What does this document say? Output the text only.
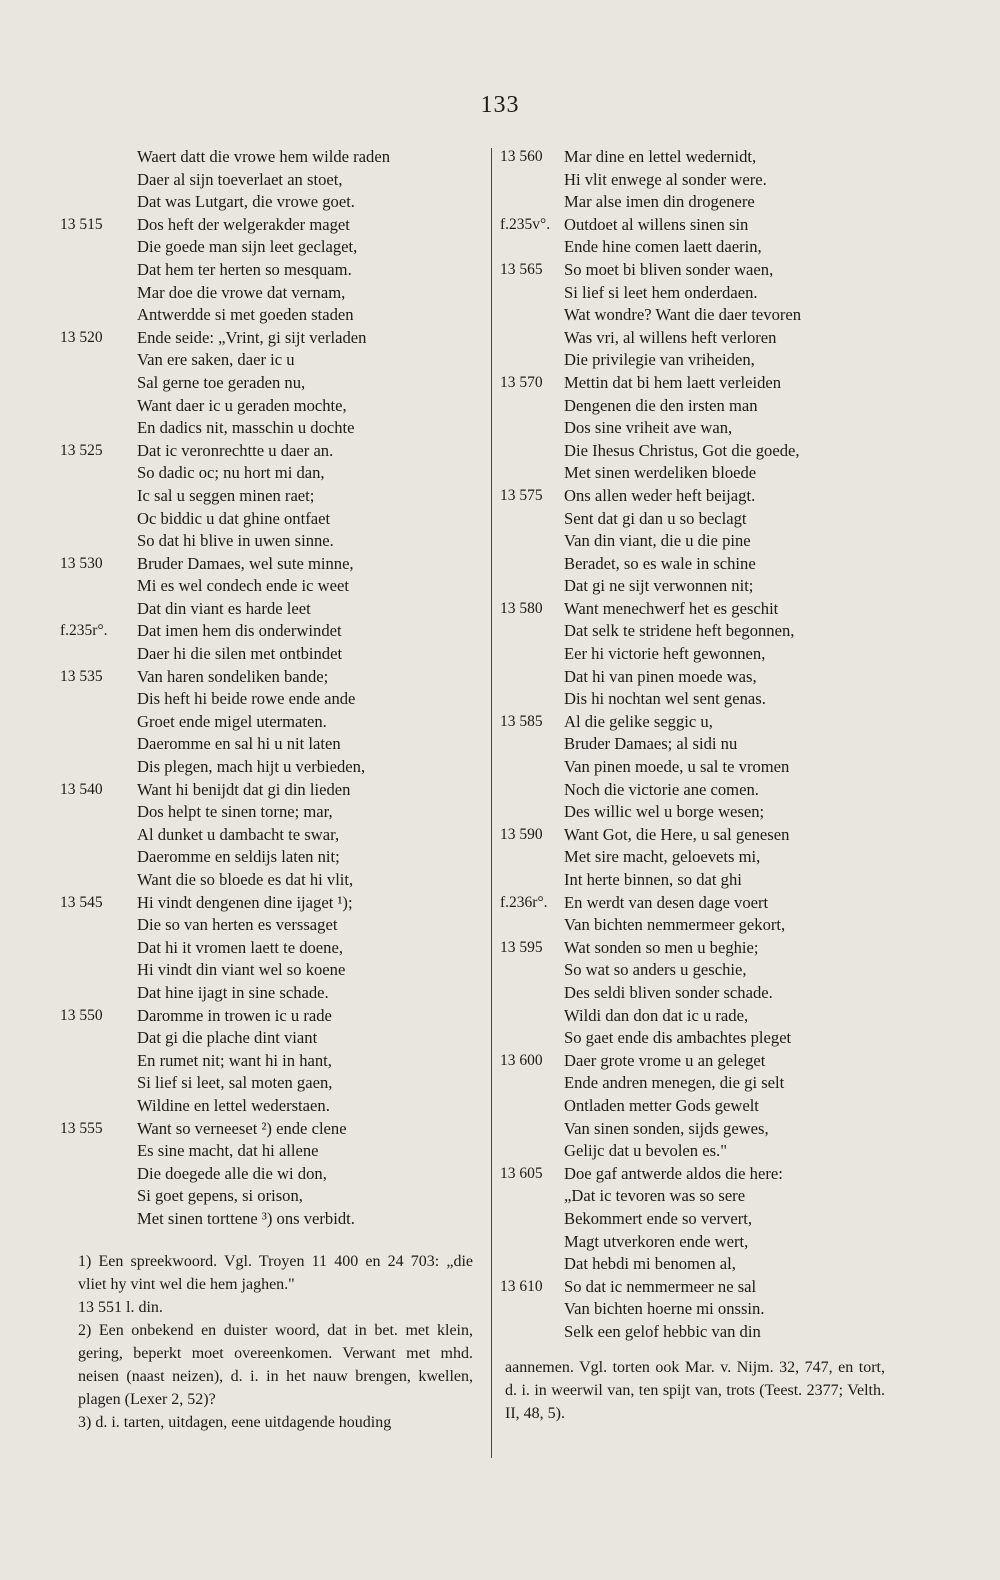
133
Waert datt die vrowe hem wilde raden
Daer al sijn toeverlaet an stoet,
Dat was Lutgart, die vrowe goet.
13 515	Dos heft der welgerakder maget
Die goede man sijn leet geclaget,
Dat hem ter herten so mesquam.
Mar doe die vrowe dat vernam,
Antwerdde si met goeden staden
13 520	Ende seide: „Vrint, gi sijt verladen
Van ere saken, daer ic u
Sal gerne toe geraden nu,
Want daer ic u geraden mochte,
En dadics nit, masschin u dochte
13 525	Dat ic veronrechtte u daer an.
So dadic oc; nu hort mi dan,
Ic sal u seggen minen raet;
Oc biddic u dat ghine ontfaet
So dat hi blive in uwen sinne.
13 530	Bruder Damaes, wel sute minne,
Mi es wel condech ende ic weet
Dat din viant es harde leet
f.235r°.	Dat imen hem dis onderwindet
Daer hi die silen met ontbindet
13 535	Van haren sondeliken bande;
Dis heft hi beide rowe ende ande
Groet ende migel utermaten.
Daeromme en sal hi u nit laten
Dis plegen, mach hijt u verbieden,
13 540	Want hi benijdt dat gi din lieden
Dos helpt te sinen torne; mar,
Al dunket u dambacht te swar,
Daeromme en seldijs laten nit;
Want die so bloede es dat hi vlit,
13 545	Hi vindt dengenen dine ijaget ¹);
Die so van herten es verssaget
Dat hi it vromen laett te doene,
Hi vindt din viant wel so koene
Dat hine ijagt in sine schade.
13 550	Daromme in trowen ic u rade
Dat gi die plache dint viant
En rumet nit; want hi in hant,
Si lief si leet, sal moten gaen,
Wildine en lettel wederstaen.
13 555	Want so verneeset ²) ende clene
Es sine macht, dat hi allene
Die doegede alle die wi don,
Si goet gepens, si orison,
Met sinen torttene ³) ons verbidt.
13 560	Mar dine en lettel wedernidt,
Hi vlit enwege al sonder were.
Mar alse imen din drogenere
f.235v°. Outdoet al willens sinen sin
Ende hine comen laett daerin,
13 565	So moet bi bliven sonder waen,
Si lief si leet hem onderdaen.
Wat wondre? Want die daer tevoren
Was vri, al willens heft verloren
Die privilegie van vriheiden,
13 570	Mettin dat bi hem laett verleiden
Dengenen die den irsten man
Dos sine vriheit ave wan,
Die Ihesus Christus, Got die goede,
Met sinen werdeliken bloede
13 575	Ons allen weder heft beijagt.
Sent dat gi dan u so beclagt
Van din viant, die u die pine
Beradet, so es wale in schine
Dat gi ne sijt verwonnen nit;
13 580	Want menechwerf het es geschit
Dat selk te stridene heft begonnen,
Eer hi victorie heft gewonnen,
Dat hi van pinen moede was,
Dis hi nochtan wel sent genas.
13 585	Al die gelike seggic u,
Bruder Damaes; al sidi nu
Van pinen moede, u sal te vromen
Noch die victorie ane comen.
Des willic wel u borge wesen;
13 590	Want Got, die Here, u sal genesen
Met sire macht, geloevets mi,
Int herte binnen, so dat ghi
f.236r°. En werdt van desen dage voert
Van bichten nemmermeer gekort,
13 595	Wat sonden so men u beghie;
So wat so anders u geschie,
Des seldi bliven sonder schade.
Wildi dan don dat ic u rade,
So gaet ende dis ambachtes pleget
13 600	Daer grote vrome u an geleget
Ende andren menegen, die gi selt
Ontladen metter Gods gewelt
Van sinen sonden, sijds gewes,
Gelijc dat u bevolen es."
13 605	Doe gaf antwerde aldos die here:
„Dat ic tevoren was so sere
Bekommert ende so ververt,
Magt utverkoren ende wert,
Dat hebdi mi benomen al,
13 610	So dat ic nemmermeer ne sal
Van bichten hoerne mi onssin.
Selk een gelof hebbic van din

1) Een spreekwoord. Vgl. Troyen 11 400 en 24 703: „die vliet hy vint wel die hem jaghen."

13 551 l. din.

2) Een onbekend en duister woord, dat in bet. met klein, gering, beperkt moet overeenkomen. Verwant met mhd. neisen (naast neizen), d. i. in het nauw brengen, kwellen, plagen (Lexer 2, 52)?

3) d. i. tarten, uitdagen, eene uitdagende houding

aannemen. Vgl. torten ook Mar. v. Nijm. 32, 747, en tort, d. i. in weerwil van, ten spijt van, trots (Teest. 2377; Velth. II, 48, 5).
